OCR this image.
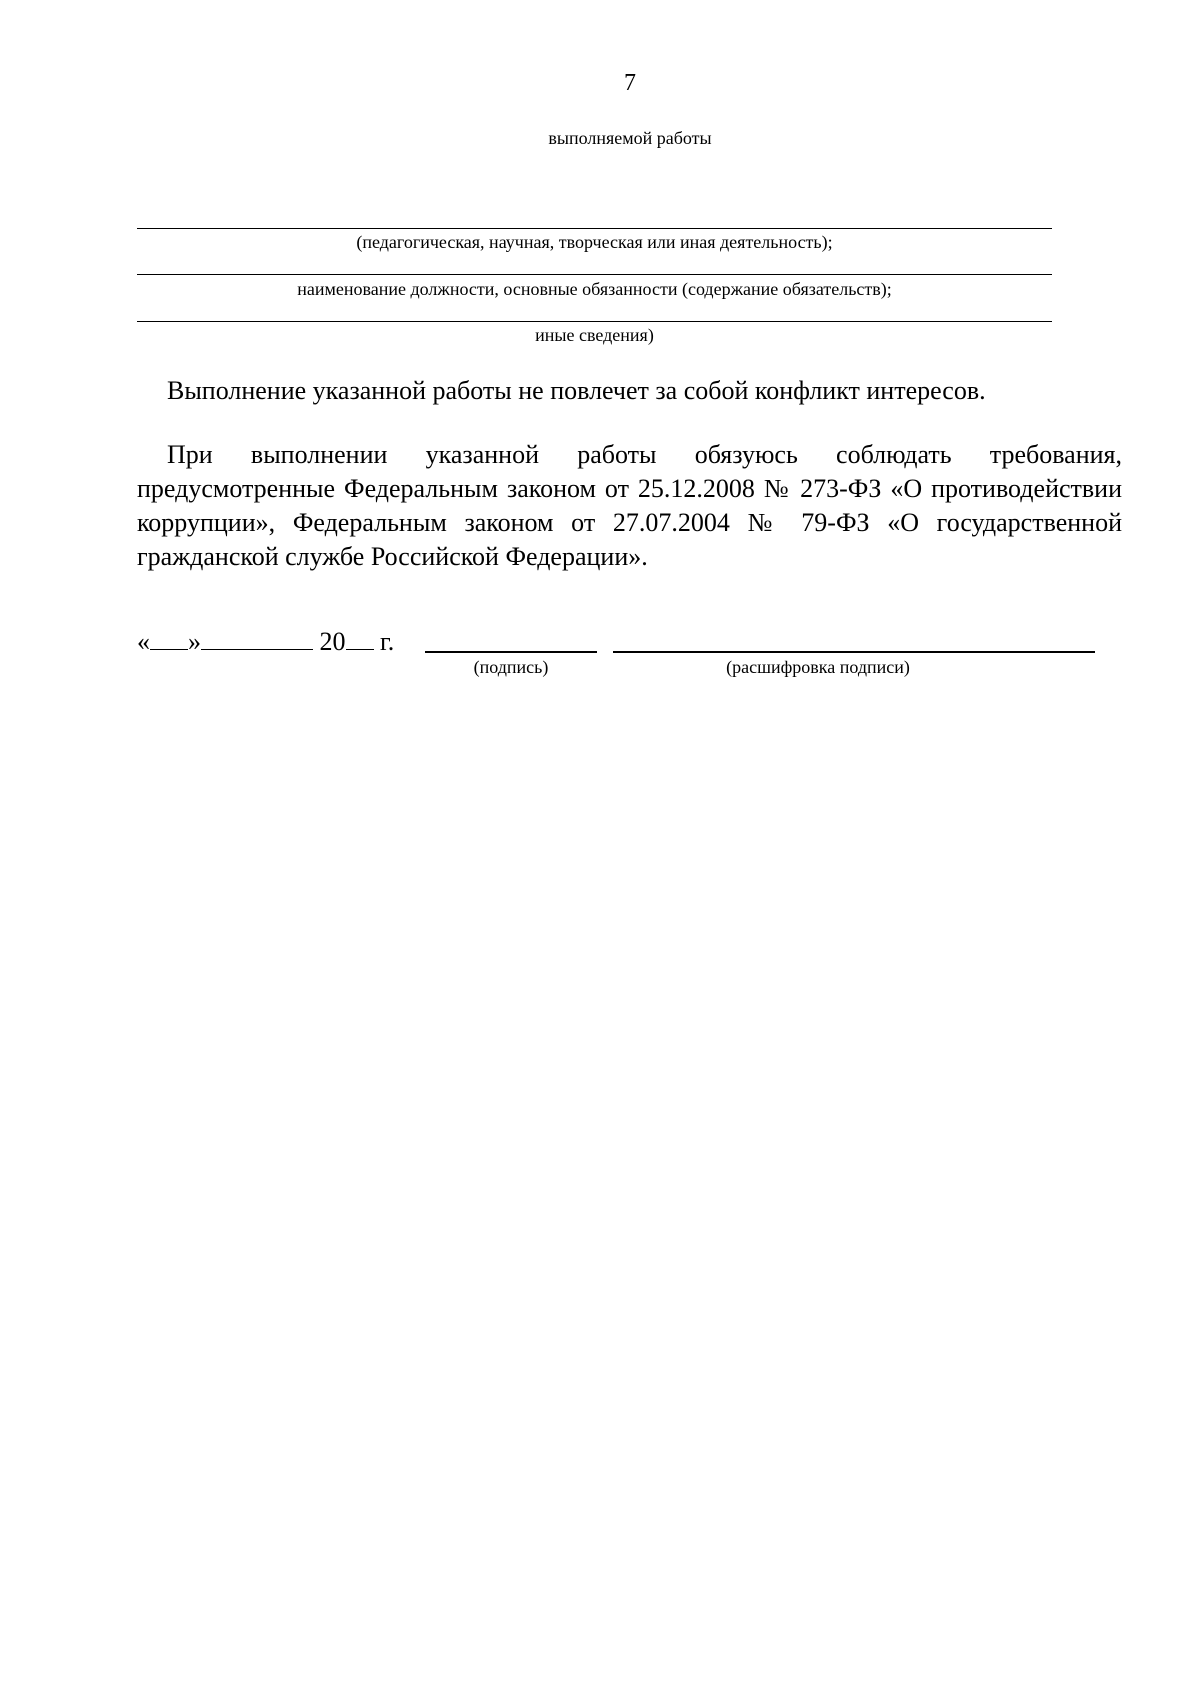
7
выполняемой работы
(педагогическая, научная, творческая или иная деятельность);
наименование должности, основные обязанности (содержание обязательств);
иные сведения)
Выполнение указанной работы не повлечет за собой конфликт интересов.
При выполнении указанной работы обязуюсь соблюдать требования, предусмотренные Федеральным законом от 25.12.2008 № 273-ФЗ «О противодействии коррупции», Федеральным законом от 27.07.2004 № 79-ФЗ «О государственной гражданской службе Российской Федерации».
« »	20 г.
(подпись)	(расшифровка подписи)
